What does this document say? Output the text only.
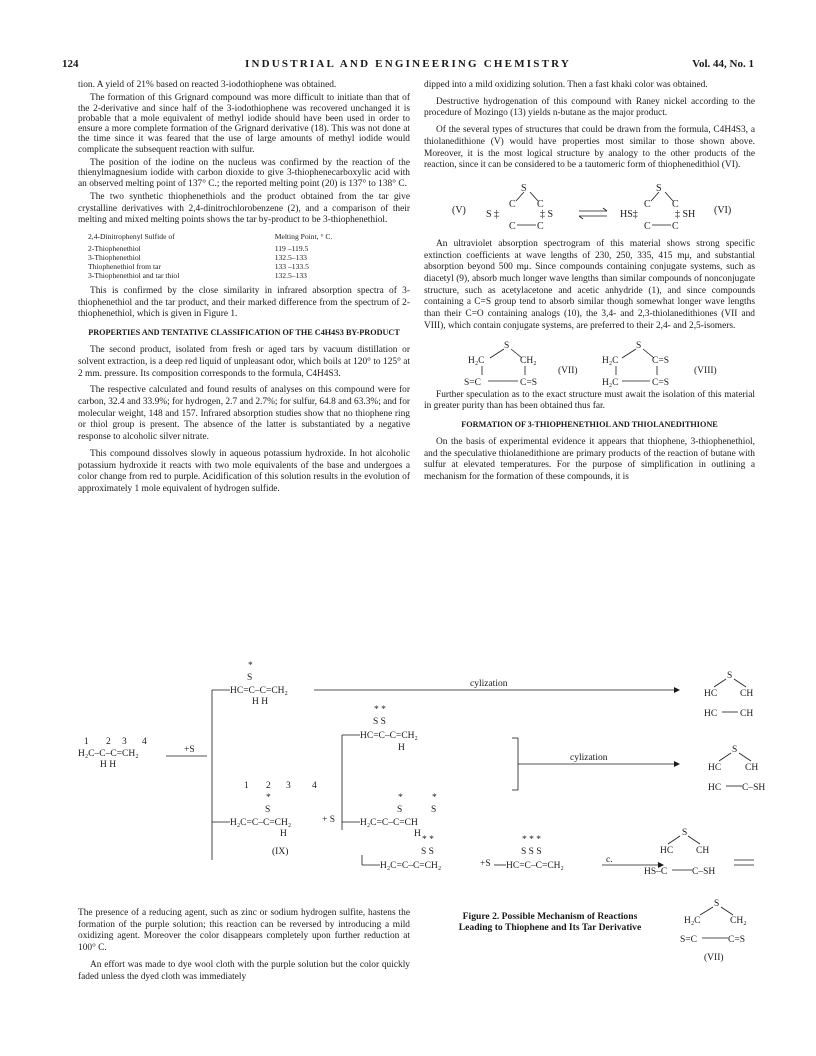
124	INDUSTRIAL AND ENGINEERING CHEMISTRY	Vol. 44, No. 1

tion. A yield of 21% based on reacted 3-iodothiophene was obtained.

The formation of this Grignard compound was more difficult to initiate than that of the 2-derivative and since half of the 3-iodothiophene was recovered unchanged it is probable that a mole equivalent of methyl iodide should have been used in order to ensure a more complete formation of the Grignard derivative (18). This was not done at the time since it was feared that the use of large amounts of methyl iodide would complicate the subsequent reaction with sulfur.

The position of the iodine on the nucleus was confirmed by the reaction of the thienylmagnesium iodide with carbon dioxide to give 3-thiophenecarboxylic acid with an observed melting point of 137° C.; the reported melting point (20) is 137° to 138° C.

The two synthetic thiophenethiols and the product obtained from the tar give crystalline derivatives with 2,4-dinitrochlorobenzene (2), and a comparison of their melting and mixed melting points shows the tar by-product to be 3-thiophenethiol.

2,4-Dinitrophenyl Sulfide of	Melting Point, ° C.
2-Thiophenethiol	119 –119.5
3-Thiophenethiol	132.5–133
Thiophenethiol from tar	133 –133.5
3-Thiophenethiol and tar thiol	132.5–133

This is confirmed by the close similarity in infrared absorption spectra of 3-thiophenethiol and the tar product, and their marked difference from the spectrum of 2-thiophenethiol, which is given in Figure 1.

PROPERTIES AND TENTATIVE CLASSIFICATION OF THE C4H4S3 BY-PRODUCT

The second product, isolated from fresh or aged tars by vacuum distillation or solvent extraction, is a deep red liquid of unpleasant odor, which boils at 120° to 125° at 2 mm. pressure. Its composition corresponds to the formula, C4H4S3.

The respective calculated and found results of analyses on this compound were for carbon, 32.4 and 33.9%; for hydrogen, 2.7 and 2.7%; for sulfur, 64.8 and 63.3%; and for molecular weight, 148 and 157. Infrared absorption studies show that no thiophene ring or thiol group is present. The absence of the latter is substantiated by a negative response to alcoholic silver nitrate.

This compound dissolves slowly in aqueous potassium hydroxide. In hot alcoholic potassium hydroxide it reacts with two mole equivalents of the base and undergoes a color change from red to purple. Acidification of this solution results in the evolution of approximately 1 mole equivalent of hydrogen sulfide.

dipped into a mild oxidizing solution. Then a fast khaki color was obtained.

Destructive hydrogenation of this compound with Raney nickel according to the procedure of Mozingo (13) yields n-butane as the major product.

Of the several types of structures that could be drawn from the formula, C4H4S3, a thiolanedithione (V) would have properties most similar to those shown above. Moreover, it is the most logical structure by analogy to the other products of the reaction, since it can be considered to be a tautomeric form of thiophenedithiol (VI).

(V)
S
C C
S ‡	‡ S
C C
S
C C
HS‡	‡ SH
C C
(VI)

An ultraviolet absorption spectrogram of this material shows strong specific extinction coefficients at wave lengths of 230, 250, 335, 415 mμ, and substantial absorption beyond 500 mμ. Since compounds containing conjugate systems, such as diacetyl (9), absorb much longer wave lengths than similar compounds of nonconjugate structure, such as acetylacetone and acetic anhydride (1), and since compounds containing a C=S group tend to absorb similar though somewhat longer wave lengths than their C=O containing analogs (10), the 3,4- and 2,3-thiolanedithiones (VII and VIII), which contain conjugate systems, are preferred to their 2,4- and 2,5-isomers.

S
H₂C	CH₂
S=C	C=S
(VII)
S
H₂C	C=S
H₂C	C=S
(VIII)

Further speculation as to the exact structure must await the isolation of this material in greater purity than has been obtained thus far.

FORMATION OF 3-THIOPHENETHIOL AND THIOLANEDITHIONE

On the basis of experimental evidence it appears that thiophene, 3-thiophenethiol, and the speculative thiolanedithione are primary products of the reaction of butane with sulfur at elevated temperatures. For the purpose of simplification in outlining a mechanism for the formation of these compounds, it is

1 2 3 4
H₂C–C–C=CH₂
H H
+S
*
S
HC=C–C=CH₂
H H
cylization
S
HC CH
HC CH
* *
S S
HC=C–C=CH₂
H
cylization
S
HC	CH
HC C–SH
1 2 3 4
*
S
H₂C=C–C=CH₂
H
+ S
(IX)
*	*
S	S
H₂C=C–C=CH
H
* *
S S
H₂C=C–C=CH₂	+S
* * *
S S S
HC=C–C=CH₂
c.
S
HC CH
HS–C	C–SH
Figure 2. Possible Mechanism of Reactions Leading to Thiophene and Its Tar Derivative
S
H₂C	CH₂
S=C	C=S
(VII)

The presence of a reducing agent, such as zinc or sodium hydrogen sulfite, hastens the formation of the purple solution; this reaction can be reversed by introducing a mild oxidizing agent. Moreover the color disappears completely upon further reduction at 100° C.

An effort was made to dye wool cloth with the purple solution but the color quickly faded unless the dyed cloth was immediately
